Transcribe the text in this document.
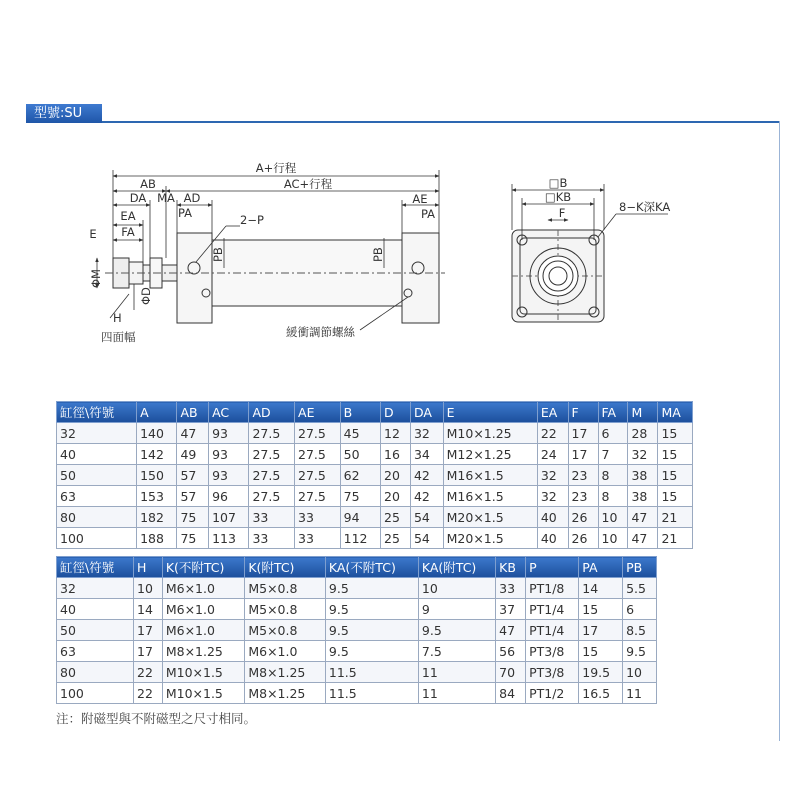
型號:SU
A+行程
AB	AC+行程
DA MA AD
EA	PA
AE
PA
E FA
2−P
PB	PB
ΦM
ΦD
H
四面幅	緩衝調節螺絲
□B
□KB
F	8−K深KA
缸徑\符號	A	AB	AC	AD	AE	B	D	DA	E	EA	F	FA	M	MA
32	140	47	93	27.5	27.5	45	12	32	M10×1.25	22	17	6	28	15
40	142	49	93	27.5	27.5	50	16	34	M12×1.25	24	17	7	32	15
50	150	57	93	27.5	27.5	62	20	42	M16×1.5	32	23	8	38	15
63	153	57	96	27.5	27.5	75	20	42	M16×1.5	32	23	8	38	15
80	182	75	107	33	33	94	25	54	M20×1.5	40	26	10	47	21
100	188	75	113	33	33	112	25	54	M20×1.5	40	26	10	47	21
缸徑\符號	H	K(不附TC)	K(附TC)	KA(不附TC)	KA(附TC)	KB	P	PA	PB
32	10	M6×1.0	M5×0.8	9.5	10	33	PT1/8	14	5.5
40	14	M6×1.0	M5×0.8	9.5	9	37	PT1/4	15	6
50	17	M6×1.0	M5×0.8	9.5	9.5	47	PT1/4	17	8.5
63	17	M8×1.25	M6×1.0	9.5	7.5	56	PT3/8	15	9.5
80	22	M10×1.5	M8×1.25	11.5	11	70	PT3/8	19.5	10
100	22	M10×1.5	M8×1.25	11.5	11	84	PT1/2	16.5	11
注：附磁型與不附磁型之尺寸相同。
